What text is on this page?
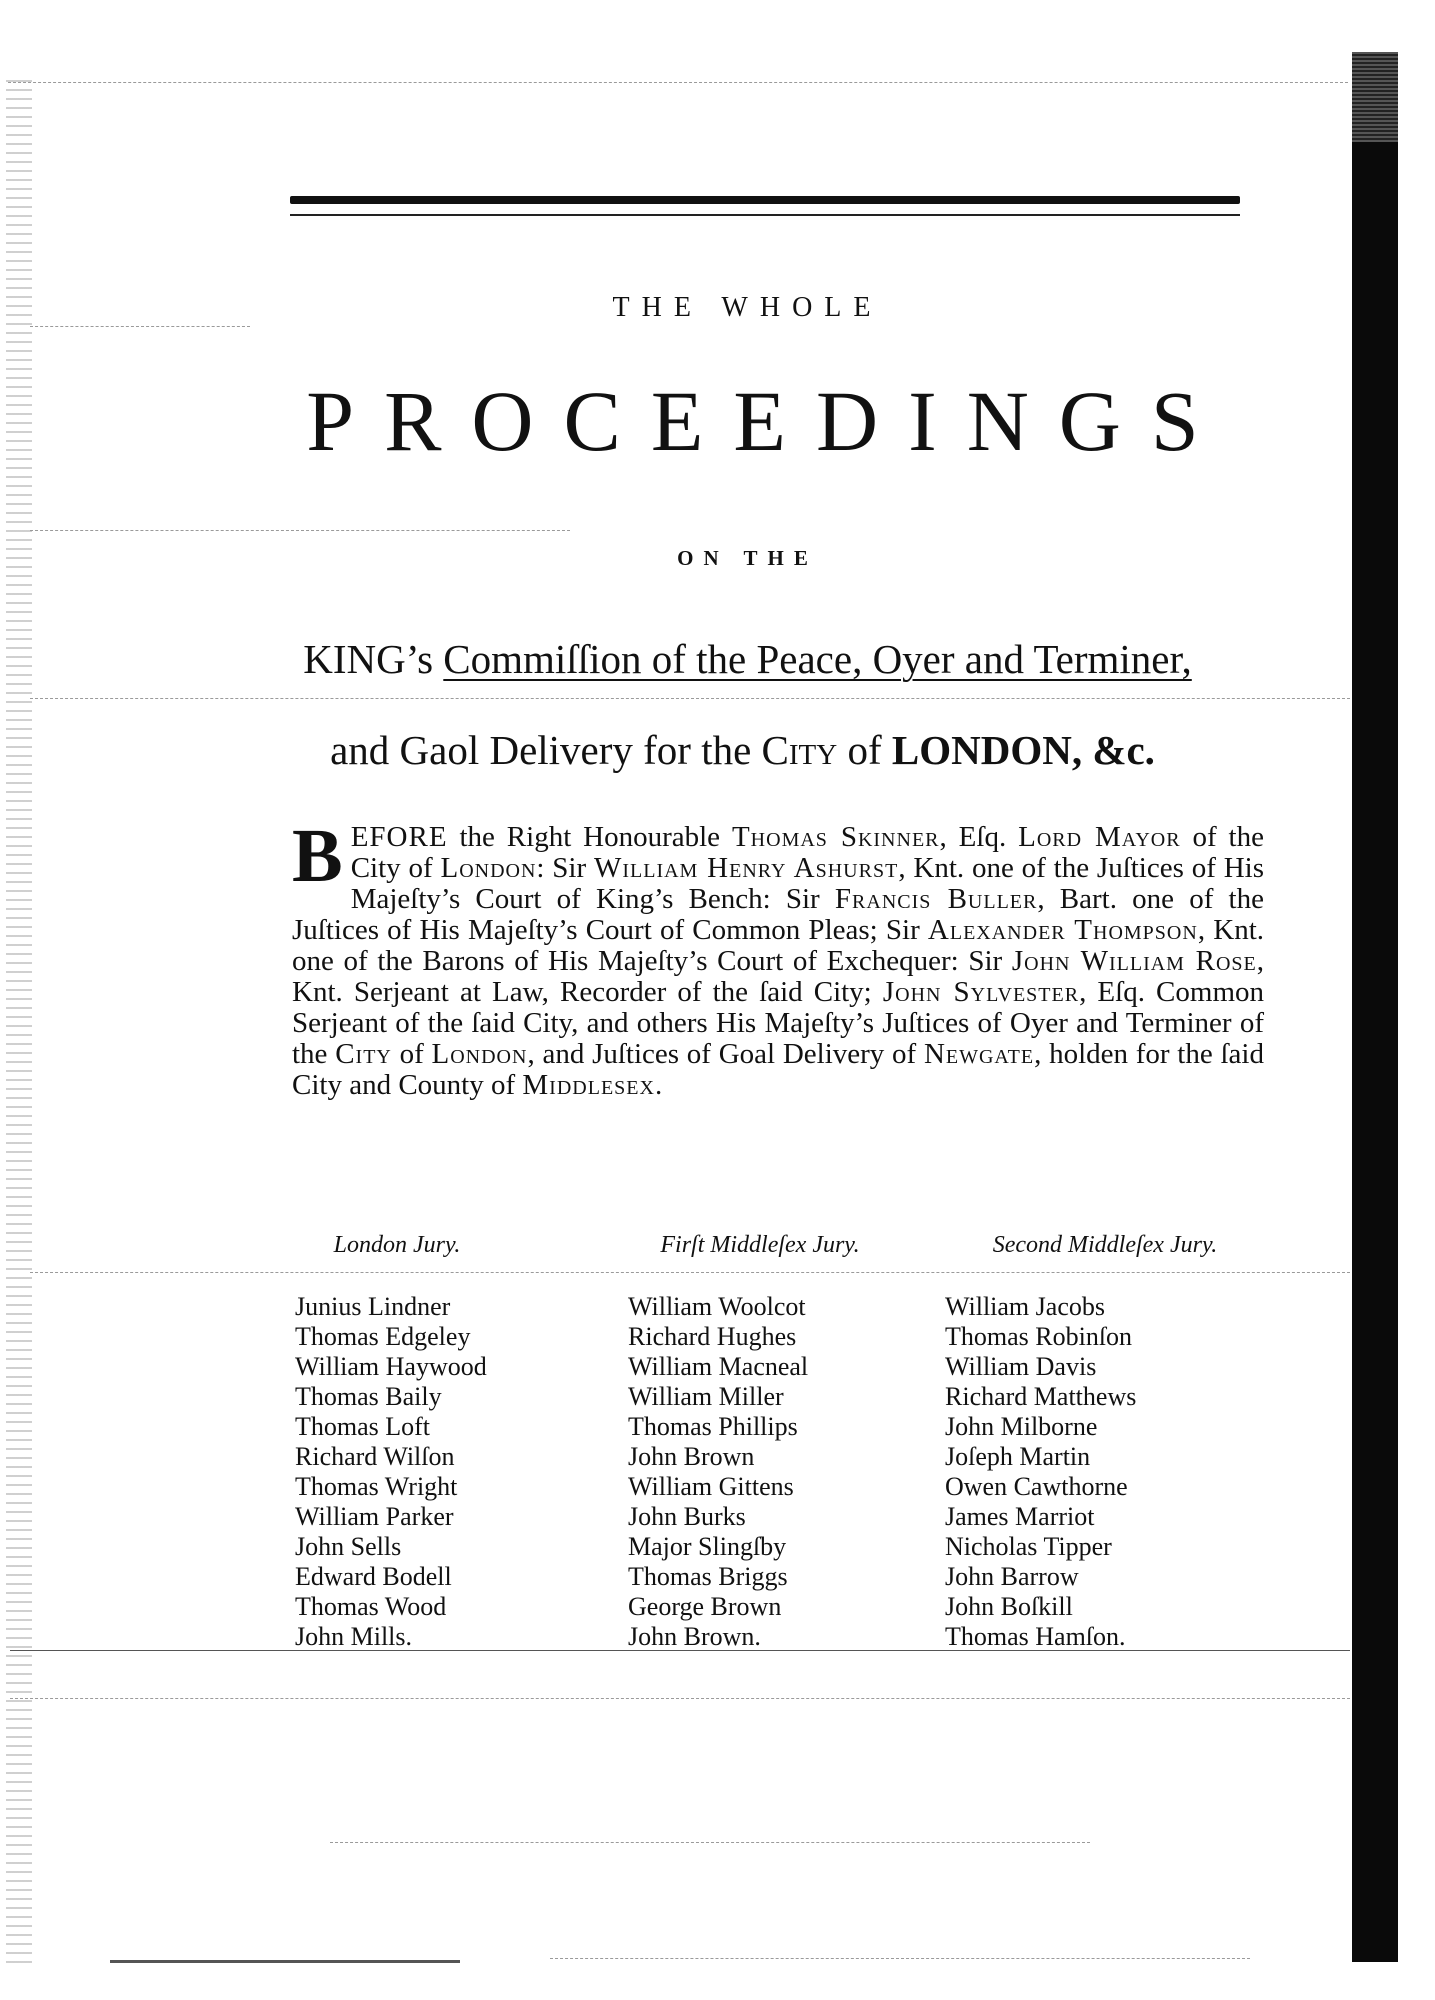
THE WHOLE
PROCEEDINGS
ON THE
KING’s Commiſſion of the Peace, Oyer and Terminer,
and Gaol Delivery for the City of LONDON, &c.
B EFORE the Right Honourable Thomas Skinner, Eſq. Lord Mayor of the City of London: Sir William Henry Ashurst, Knt. one of the Juſtices of His Majeſty’s Court of King’s Bench: Sir Francis Buller, Bart. one of the Juſtices of His Majeſty’s Court of Common Pleas; Sir Alexander Thompson, Knt. one of the Barons of His Majeſty’s Court of Exchequer: Sir John William Rose, Knt. Serjeant at Law, Recorder of the ſaid City; John Sylvester, Eſq. Common Serjeant of the ſaid City, and others His Majeſty’s Juſtices of Oyer and Terminer of the City of London, and Juſtices of Goal Delivery of Newgate, holden for the ſaid City and County of Middlesex.
London Jury.	Firſt Middleſex Jury.	Second Middleſex Jury.
Junius Lindner
Thomas Edgeley
William Haywood
Thomas Baily
Thomas Loft
Richard Wilſon
Thomas Wright
William Parker
John Sells
Edward Bodell
Thomas Wood
John Mills.
William Woolcot
Richard Hughes
William Macneal
William Miller
Thomas Phillips
John Brown
William Gittens
John Burks
Major Slingſby
Thomas Briggs
George Brown
John Brown.
William Jacobs
Thomas Robinſon
William Davis
Richard Matthews
John Milborne
Joſeph Martin
Owen Cawthorne
James Marriot
Nicholas Tipper
John Barrow
John Boſkill
Thomas Hamſon.
